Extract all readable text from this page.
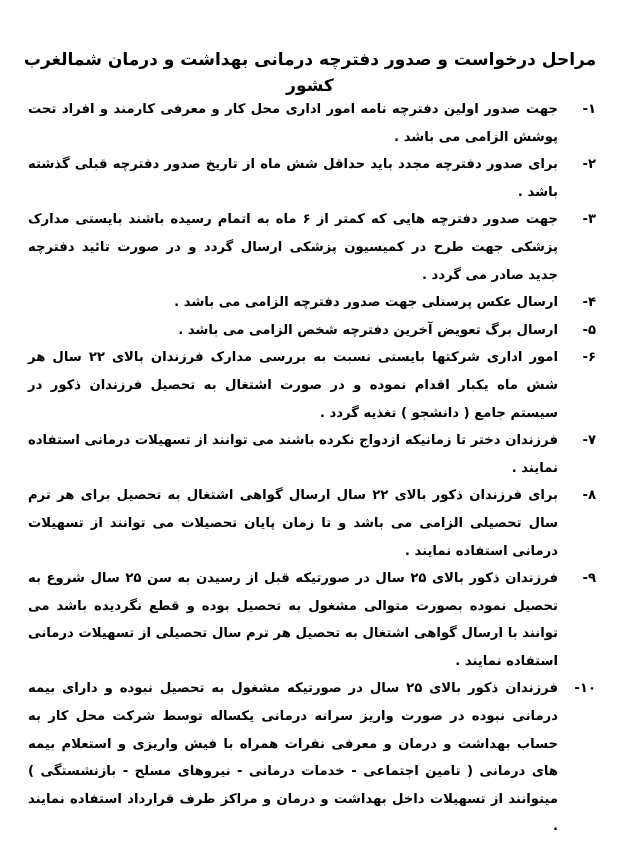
مراحل درخواست و صدور دفترچه درمانی بهداشت و درمان شمالغرب کشور
۱-
جهت صدور اولین دفترچه نامه امور اداری محل کار و معرفی کارمند و افراد تحت پوشش الزامی می باشد .
۲-
برای صدور دفترچه مجدد باید حداقل شش ماه از تاریخ صدور دفترچه قبلی گذشته باشد .
۳-
جهت صدور دفترچه هایی که کمتر از ۶ ماه به اتمام رسیده باشند بایستی مدارک پزشکی جهت طرح در کمیسیون پزشکی ارسال گردد و در صورت تائید دفترچه جدید صادر می گردد .
۴-
ارسال عکس پرسنلی جهت صدور دفترچه الزامی می باشد .
۵-
ارسال برگ تعویض آخرین دفترچه شخص الزامی می باشد .
۶-
امور اداری شرکتها بایستی نسبت به بررسی مدارک فرزندان بالای ۲۲ سال هر شش ماه یکبار اقدام نموده و در صورت اشتغال به تحصیل فرزندان ذکور در سیستم جامع ( دانشجو ) تغذیه گردد .
۷-
فرزندان دختر تا زمانیکه ازدواج نکرده باشند می توانند از تسهیلات درمانی استفاده نمایند .
۸-
برای فرزندان ذکور بالای ۲۲ سال ارسال گواهی اشتغال به تحصیل برای هر ترم سال تحصیلی الزامی می باشد و تا زمان پایان تحصیلات می توانند از تسهیلات درمانی استفاده نمایند .
۹-
فرزندان ذکور بالای ۲۵ سال در صورتیکه قبل از رسیدن به سن ۲۵ سال شروع به تحصیل نموده بصورت متوالی مشغول به تحصیل بوده و قطع نگردیده باشد می توانند با ارسال گواهی اشتغال به تحصیل هر ترم سال تحصیلی از تسهیلات درمانی استفاده نمایند .
۱۰-
فرزندان ذکور بالای ۲۵ سال در صورتیکه مشغول به تحصیل نبوده و دارای بیمه درمانی نبوده در صورت واریز سرانه درمانی یکساله توسط شرکت محل کار به حساب بهداشت و درمان و معرفی نفرات همراه با فیش واریزی و استعلام بیمه های درمانی ( تامین اجتماعی - خدمات درمانی - نیروهای مسلح - بازنشستگی ) میتوانند از تسهیلات داخل بهداشت و درمان و مراکز طرف قرارداد استفاده نمایند .
